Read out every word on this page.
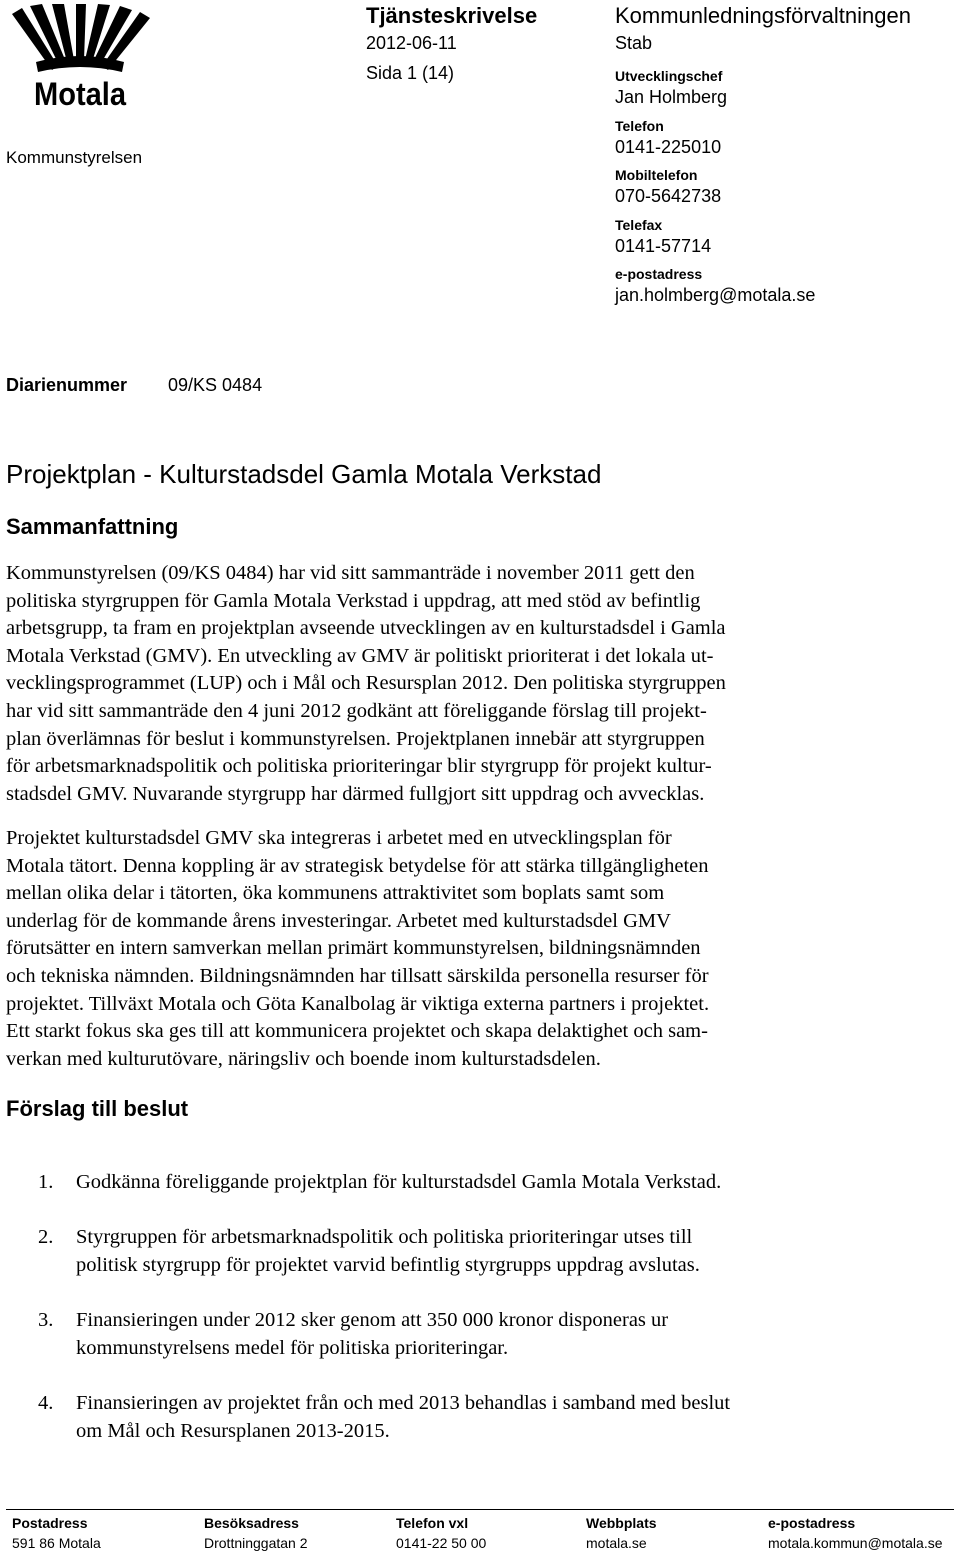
Motala
Kommunstyrelsen
Tjänsteskrivelse
2012-06-11
Sida 1 (14)
Kommunledningsförvaltningen
Stab
Utvecklingschef
Jan Holmberg
Telefon
0141-225010
Mobiltelefon
070-5642738
Telefax
0141-57714
e-postadress
jan.holmberg@motala.se
Diarienummer 09/KS 0484
Projektplan - Kulturstadsdel Gamla Motala Verkstad
Sammanfattning
Kommunstyrelsen (09/KS 0484) har vid sitt sammanträde i november 2011 gett den
politiska styrgruppen för Gamla Motala Verkstad i uppdrag, att med stöd av befintlig
arbetsgrupp, ta fram en projektplan avseende utvecklingen av en kulturstadsdel i Gamla
Motala Verkstad (GMV). En utveckling av GMV är politiskt prioriterat i det lokala ut-
vecklingsprogrammet (LUP) och i Mål och Resursplan 2012. Den politiska styrgruppen
har vid sitt sammanträde den 4 juni 2012 godkänt att föreliggande förslag till projekt-
plan överlämnas för beslut i kommunstyrelsen. Projektplanen innebär att styrgruppen
för arbetsmarknadspolitik och politiska prioriteringar blir styrgrupp för projekt kultur-
stadsdel GMV. Nuvarande styrgrupp har därmed fullgjort sitt uppdrag och avvecklas.
Projektet kulturstadsdel GMV ska integreras i arbetet med en utvecklingsplan för
Motala tätort. Denna koppling är av strategisk betydelse för att stärka tillgängligheten
mellan olika delar i tätorten, öka kommunens attraktivitet som boplats samt som
underlag för de kommande årens investeringar. Arbetet med kulturstadsdel GMV
förutsätter en intern samverkan mellan primärt kommunstyrelsen, bildningsnämnden
och tekniska nämnden. Bildningsnämnden har tillsatt särskilda personella resurser för
projektet. Tillväxt Motala och Göta Kanalbolag är viktiga externa partners i projektet.
Ett starkt fokus ska ges till att kommunicera projektet och skapa delaktighet och sam-
verkan med kulturutövare, näringsliv och boende inom kulturstadsdelen.
Förslag till beslut
1. Godkänna föreliggande projektplan för kulturstadsdel Gamla Motala Verkstad.
2. Styrgruppen för arbetsmarknadspolitik och politiska prioriteringar utses till
politisk styrgrupp för projektet varvid befintlig styrgrupps uppdrag avslutas.
3. Finansieringen under 2012 sker genom att 350 000 kronor disponeras ur
kommunstyrelsens medel för politiska prioriteringar.
4. Finansieringen av projektet från och med 2013 behandlas i samband med beslut
om Mål och Resursplanen 2013-2015.
Postadress
591 86 Motala
Besöksadress
Drottninggatan 2
Telefon vxl
0141-22 50 00
Webbplats
motala.se
e-postadress
motala.kommun@motala.se
